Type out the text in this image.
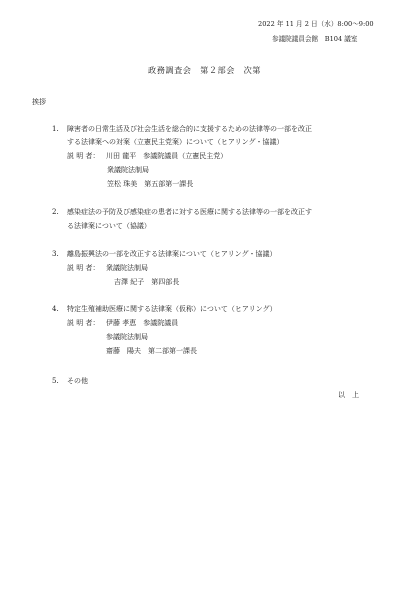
2022 年 11 月 2 日（水）8:00～9:00
参議院議員会館　B104 議室
政務調査会　第２部会　次第
挨拶
1.	障害者の日常生活及び社会生活を総合的に支援するための法律等の一部を改正
する法律案への対案（立憲民主党案）について（ヒアリング・協議）
説 明 者： 川田 龍平　参議院議員（立憲民主党）
衆議院法制局
笠松 珠美　第五部第一課長
2.	感染症法の予防及び感染症の患者に対する医療に関する法律等の一部を改正す
る法律案について（協議）
3.	離島振興法の一部を改正する法律案について（ヒアリング・協議）
説 明 者： 衆議院法制局
吉澤 紀子　第四部長
4.	特定生殖補助医療に関する法律案（仮称）について（ヒアリング）
説 明 者： 伊藤 孝恵　参議院議員
参議院法制局
齋藤　陽夫　第二部第一課長
5.	その他
以　上
